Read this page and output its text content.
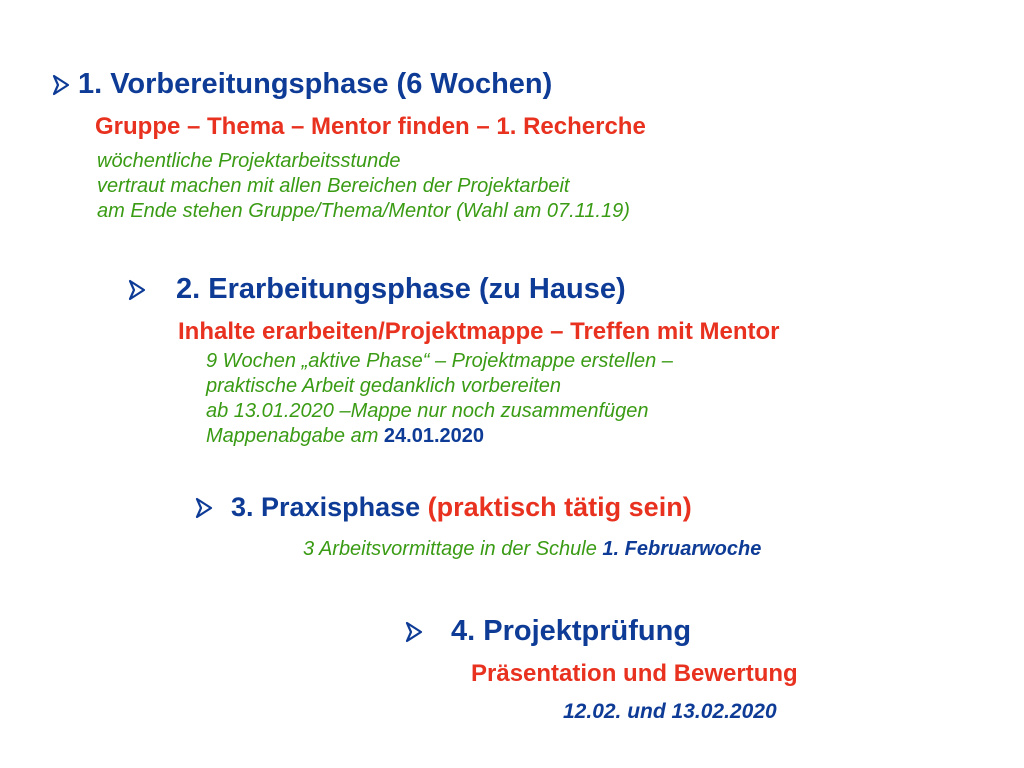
1. Vorbereitungsphase (6 Wochen)
Gruppe – Thema – Mentor finden – 1. Recherche
wöchentliche Projektarbeitsstunde
vertraut machen mit allen Bereichen der Projektarbeit
am Ende stehen Gruppe/Thema/Mentor (Wahl am 07.11.19)
2. Erarbeitungsphase (zu Hause)
Inhalte erarbeiten/Projektmappe – Treffen mit Mentor
9 Wochen „aktive Phase“ – Projektmappe erstellen –
praktische Arbeit gedanklich vorbereiten
ab 13.01.2020 –Mappe nur noch zusammenfügen
Mappenabgabe am 24.01.2020
3. Praxisphase (praktisch tätig sein)
3 Arbeitsvormittage in der Schule 1. Februarwoche
4. Projektprüfung
Präsentation und Bewertung
12.02. und 13.02.2020
